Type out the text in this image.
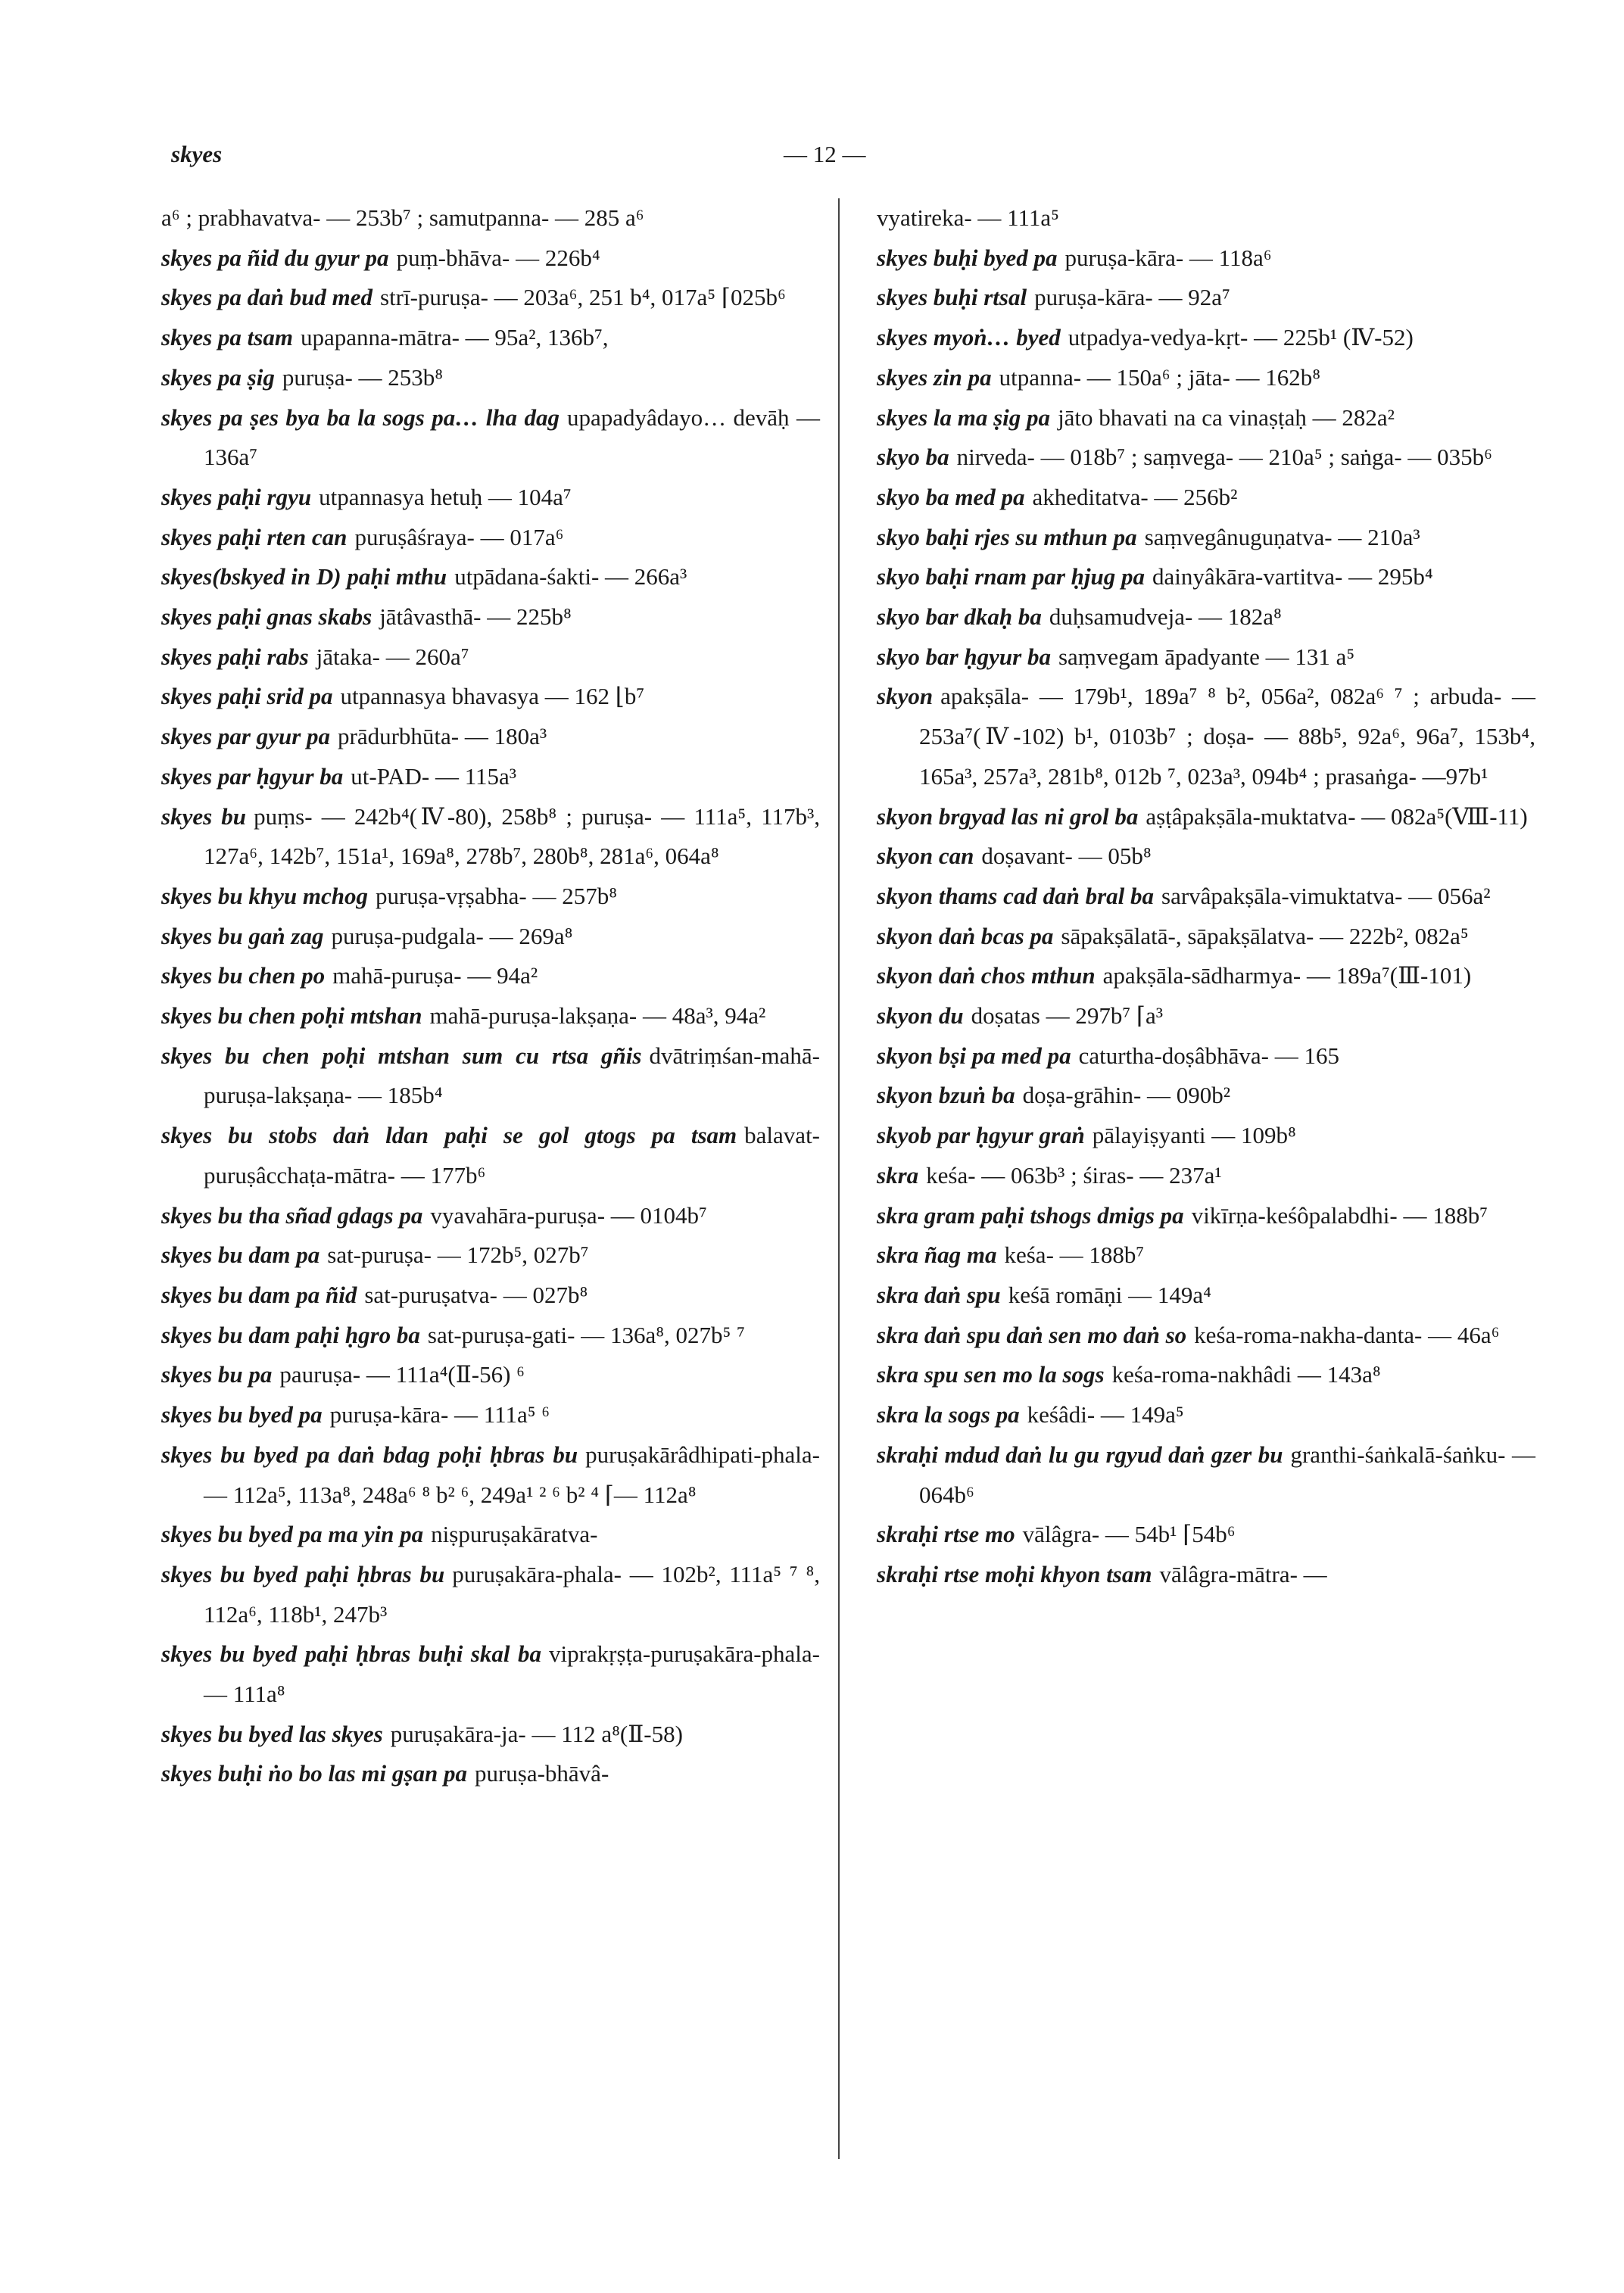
skyes	— 12 —

a⁶ ; prabhavatva- — 253b⁷ ; samutpanna- — 285 a⁶

skyes pa ñid du gyur pa puṃ-bhāva- — 226b⁴

skyes pa daṅ bud med strī-puruṣa- — 203a⁶, 251 b⁴, 017a⁵ ⌈025b⁶

skyes pa tsam upapanna-mātra- — 95a², 136b⁷,

skyes pa ṣig puruṣa- — 253b⁸

skyes pa ṣes bya ba la sogs pa… lha dag upapadyâdayo… devāḥ — 136a⁷

skyes paḥi rgyu utpannasya hetuḥ — 104a⁷

skyes paḥi rten can puruṣâśraya- — 017a⁶

skyes(bskyed in D) paḥi mthu utpādana-śakti- — 266a³

skyes paḥi gnas skabs jātâvasthā- — 225b⁸

skyes paḥi rabs jātaka- — 260a⁷

skyes paḥi srid pa utpannasya bhavasya — 162 ⌊b⁷

skyes par gyur pa prādurbhūta- — 180a³

skyes par ḥgyur ba ut-PAD- — 115a³

skyes bu puṃs- — 242b⁴(Ⅳ-80), 258b⁸ ; puruṣa- — 111a⁵, 117b³, 127a⁶, 142b⁷, 151a¹, 169a⁸, 278b⁷, 280b⁸, 281a⁶, 064a⁸

skyes bu khyu mchog puruṣa-vṛṣabha- — 257b⁸

skyes bu gaṅ zag puruṣa-pudgala- — 269a⁸

skyes bu chen po mahā-puruṣa- — 94a²

skyes bu chen poḥi mtshan mahā-puruṣa-lakṣaṇa- — 48a³, 94a²

skyes bu chen poḥi mtshan sum cu rtsa gñis dvātriṃśan-mahā-puruṣa-lakṣaṇa- — 185b⁴

skyes bu stobs daṅ ldan paḥi se gol gtogs pa tsam balavat-puruṣâcchaṭa-mātra- — 177b⁶

skyes bu tha sñad gdags pa vyavahāra-puruṣa- — 0104b⁷

skyes bu dam pa sat-puruṣa- — 172b⁵, 027b⁷

skyes bu dam pa ñid sat-puruṣatva- — 027b⁸

skyes bu dam paḥi ḥgro ba sat-puruṣa-gati- — 136a⁸, 027b⁵ ⁷

skyes bu pa pauruṣa- — 111a⁴(Ⅱ-56) ⁶

skyes bu byed pa puruṣa-kāra- — 111a⁵ ⁶

skyes bu byed pa daṅ bdag poḥi ḥbras bu puruṣakārâdhipati-phala- — 112a⁵, 113a⁸, 248a⁶ ⁸ b² ⁶, 249a¹ ² ⁶ b² ⁴ ⌈— 112a⁸

skyes bu byed pa ma yin pa niṣpuruṣakāratva-

skyes bu byed paḥi ḥbras bu puruṣakāra-phala- — 102b², 111a⁵ ⁷ ⁸, 112a⁶, 118b¹, 247b³

skyes bu byed paḥi ḥbras buḥi skal ba viprakṛṣṭa-puruṣakāra-phala- — 111a⁸

skyes bu byed las skyes puruṣakāra-ja- — 112 a⁸(Ⅱ-58)

skyes buḥi ṅo bo las mi gṣan pa puruṣa-bhāvâ-

vyatireka- — 111a⁵

skyes buḥi byed pa puruṣa-kāra- — 118a⁶

skyes buḥi rtsal puruṣa-kāra- — 92a⁷

skyes myoṅ… byed utpadya-vedya-kṛt- — 225b¹ (Ⅳ-52)

skyes zin pa utpanna- — 150a⁶ ; jāta- — 162b⁸

skyes la ma ṣig pa jāto bhavati na ca vinaṣṭaḥ — 282a²

skyo ba nirveda- — 018b⁷ ; saṃvega- — 210a⁵ ; saṅga- — 035b⁶

skyo ba med pa akheditatva- — 256b²

skyo baḥi rjes su mthun pa saṃvegânuguṇatva- — 210a³

skyo baḥi rnam par ḥjug pa dainyâkāra-vartitva- — 295b⁴

skyo bar dkaḥ ba duḥsamudveja- — 182a⁸

skyo bar ḥgyur ba saṃvegam āpadyante — 131 a⁵

skyon apakṣāla- — 179b¹, 189a⁷ ⁸ b², 056a², 082a⁶ ⁷ ; arbuda- — 253a⁷(Ⅳ-102) b¹, 0103b⁷ ; doṣa- — 88b⁵, 92a⁶, 96a⁷, 153b⁴, 165a³, 257a³, 281b⁸, 012b ⁷, 023a³, 094b⁴ ; prasaṅga- —97b¹

skyon brgyad las ni grol ba aṣṭâpakṣāla-muktatva- — 082a⁵(Ⅷ-11)

skyon can doṣavant- — 05b⁸

skyon thams cad daṅ bral ba sarvâpakṣāla-vimuktatva- — 056a²

skyon daṅ bcas pa sāpakṣālatā-, sāpakṣālatva- — 222b², 082a⁵

skyon daṅ chos mthun apakṣāla-sādharmya- — 189a⁷(Ⅲ-101)

skyon du doṣatas — 297b⁷ ⌈a³

skyon bṣi pa med pa caturtha-doṣâbhāva- — 165

skyon bzuṅ ba doṣa-grāhin- — 090b²

skyob par ḥgyur graṅ pālayiṣyanti — 109b⁸

skra keśa- — 063b³ ; śiras- — 237a¹

skra gram paḥi tshogs dmigs pa vikīrṇa-keśôpalabdhi- — 188b⁷

skra ñag ma keśa- — 188b⁷

skra daṅ spu keśā romāṇi — 149a⁴

skra daṅ spu daṅ sen mo daṅ so keśa-roma-nakha-danta- — 46a⁶

skra spu sen mo la sogs keśa-roma-nakhâdi — 143a⁸

skra la sogs pa keśâdi- — 149a⁵

skraḥi mdud daṅ lu gu rgyud daṅ gzer bu granthi-śaṅkalā-śaṅku- — 064b⁶

skraḥi rtse mo vālâgra- — 54b¹ ⌈54b⁶

skraḥi rtse moḥi khyon tsam vālâgra-mātra- —
